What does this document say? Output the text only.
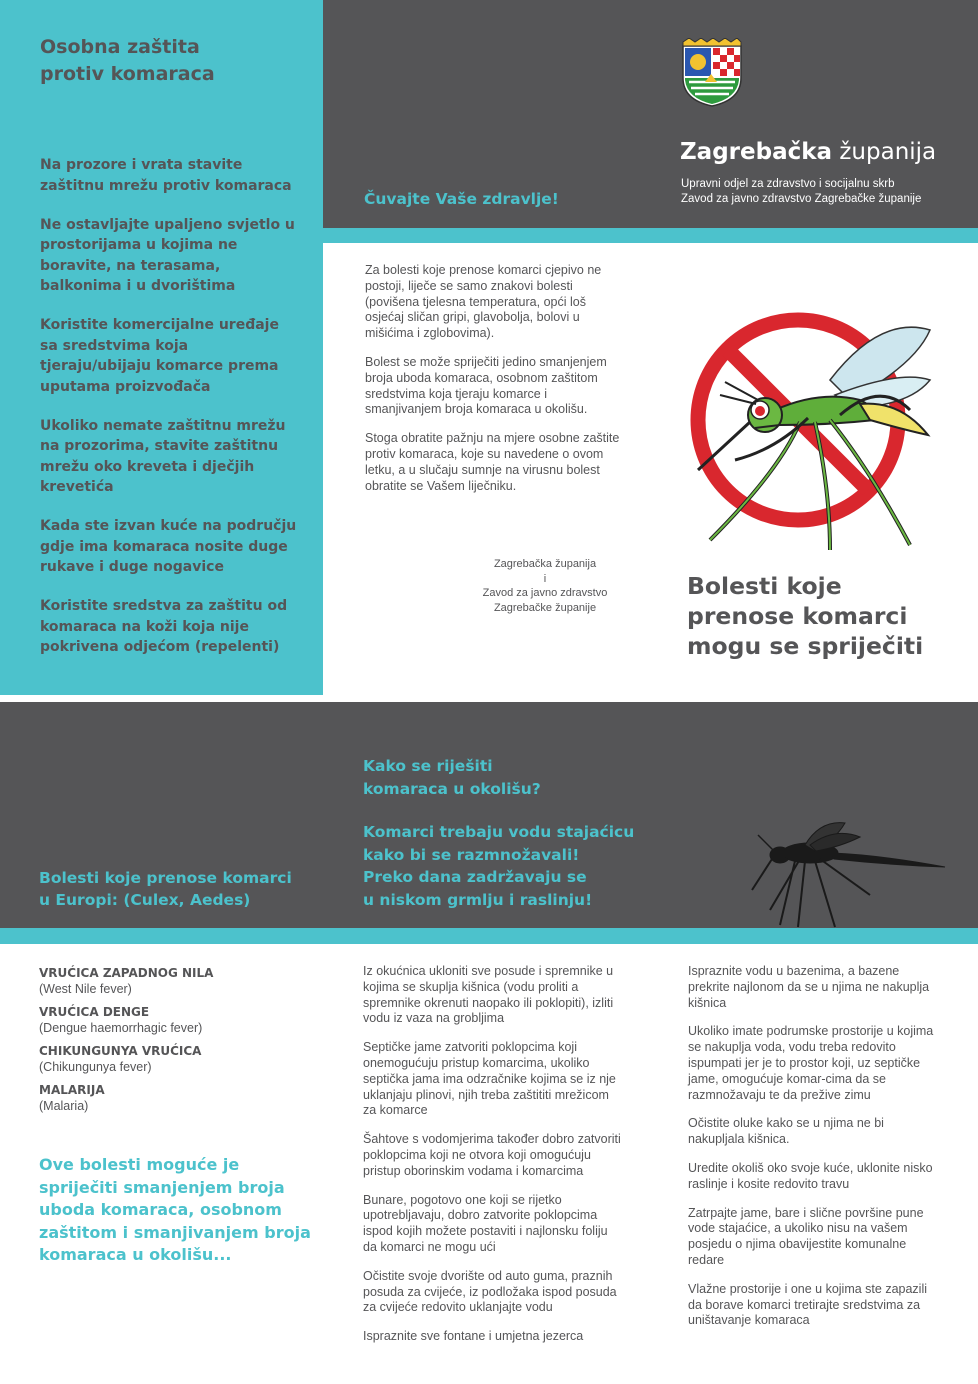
Osobna zaštita

protiv komaraca

Na prozore i vrata stavite zaštitnu mrežu protiv komaraca

Ne ostavljajte upaljeno svjetlo u prostorijama u kojima ne boravite, na terasama, balkonima i u dvorištima

Koristite komercijalne uređaje sa sredstvima koja tjeraju/ubijaju komarce prema uputama proizvođača

Ukoliko nemate zaštitnu mrežu na prozorima, stavite zaštitnu mrežu oko kreveta i dječjih krevetića

Kada ste izvan kuće na području gdje ima komaraca nosite duge rukave i duge nogavice

Koristite sredstva za zaštitu od komaraca na koži koja nije pokrivena odjećom (repelenti)

Čuvajte Vaše zdravlje!

Za bolesti koje prenose komarci cjepivo ne postoji, liječe se samo znakovi bolesti (povišena tjelesna temperatura, opći loš osjećaj sličan gripi, glavobolja, bolovi u mišićima i zglobovima).

Bolest se može spriječiti jedino smanjenjem broja uboda komaraca, osobnom zaštitom sredstvima koja tjeraju komarce i smanjivanjem broja komaraca u okolišu.

Stoga obratite pažnju na mjere osobne zaštite protiv komaraca, koje su navedene o ovom letku, a u slučaju sumnje na virusnu bolest obratite se Vašem liječniku.

Zagrebačka županija
i
Zavod za javno zdravstvo
Zagrebačke županije
Zagrebačka županija
Upravni odjel za zdravstvo i socijalnu skrb
Zavod za javno zdravstvo Zagrebačke županije

Bolesti koje

prenose komarci

mogu se spriječiti

Bolesti koje prenose komarci

u Europi: (Culex, Aedes)

Kako se riješiti

komaraca u okolišu?

Komarci trebaju vodu stajaćicu

kako bi se razmnožavali!

Preko dana zadržavaju se

u niskom grmlju i raslinju!

VRUĆICA ZAPADNOG NILA

(West Nile fever)

VRUĆICA DENGE

(Dengue haemorrhagic fever)

CHIKUNGUNYA VRUĆICA

(Chikungunya fever)

MALARIJA

(Malaria)

Ove bolesti moguće je

spriječiti smanjenjem broja

uboda komaraca, osobnom

zaštitom i smanjivanjem broja

komaraca u okolišu...

Iz okućnica ukloniti sve posude i spremnike u kojima se skuplja kišnica (vodu proliti a spremnike okrenuti naopako ili poklopiti), izliti vodu iz vaza na grobljima

Septičke jame zatvoriti poklopcima koji onemogućuju pristup komarcima, ukoliko septička jama ima odzračnike kojima se iz nje uklanjaju plinovi, njih treba zaštititi mrežicom za komarce

Šahtove s vodomjerima također dobro zatvoriti poklopcima koji ne otvora koji omogućuju pristup oborinskim vodama i komarcima

Bunare, pogotovo one koji se rijetko upotrebljavaju, dobro zatvorite poklopcima ispod kojih možete postaviti i najlonsku foliju da komarci ne mogu ući

Očistite svoje dvorište od auto guma, praznih posuda za cvijeće, iz podložaka ispod posuda za cvijeće redovito uklanjajte vodu

Ispraznite sve fontane i umjetna jezerca

Ispraznite vodu u bazenima, a bazene prekrite najlonom da se u njima ne nakuplja kišnica

Ukoliko imate podrumske prostorije u kojima se nakuplja voda, vodu treba redovito ispumpati jer je to prostor koji, uz septičke jame, omogućuje komar-cima da se razmnožavaju te da prežive zimu

Očistite oluke kako se u njima ne bi nakupljala kišnica.

Uredite okoliš oko svoje kuće, uklonite nisko raslinje i kosite redovito travu

Zatrpajte jame, bare i slične površine pune vode stajaćice, a ukoliko nisu na vašem posjedu o njima obavijestite komunalne redare

Vlažne prostorije i one u kojima ste zapazili da borave komarci tretirajte sredstvima za uništavanje komaraca
